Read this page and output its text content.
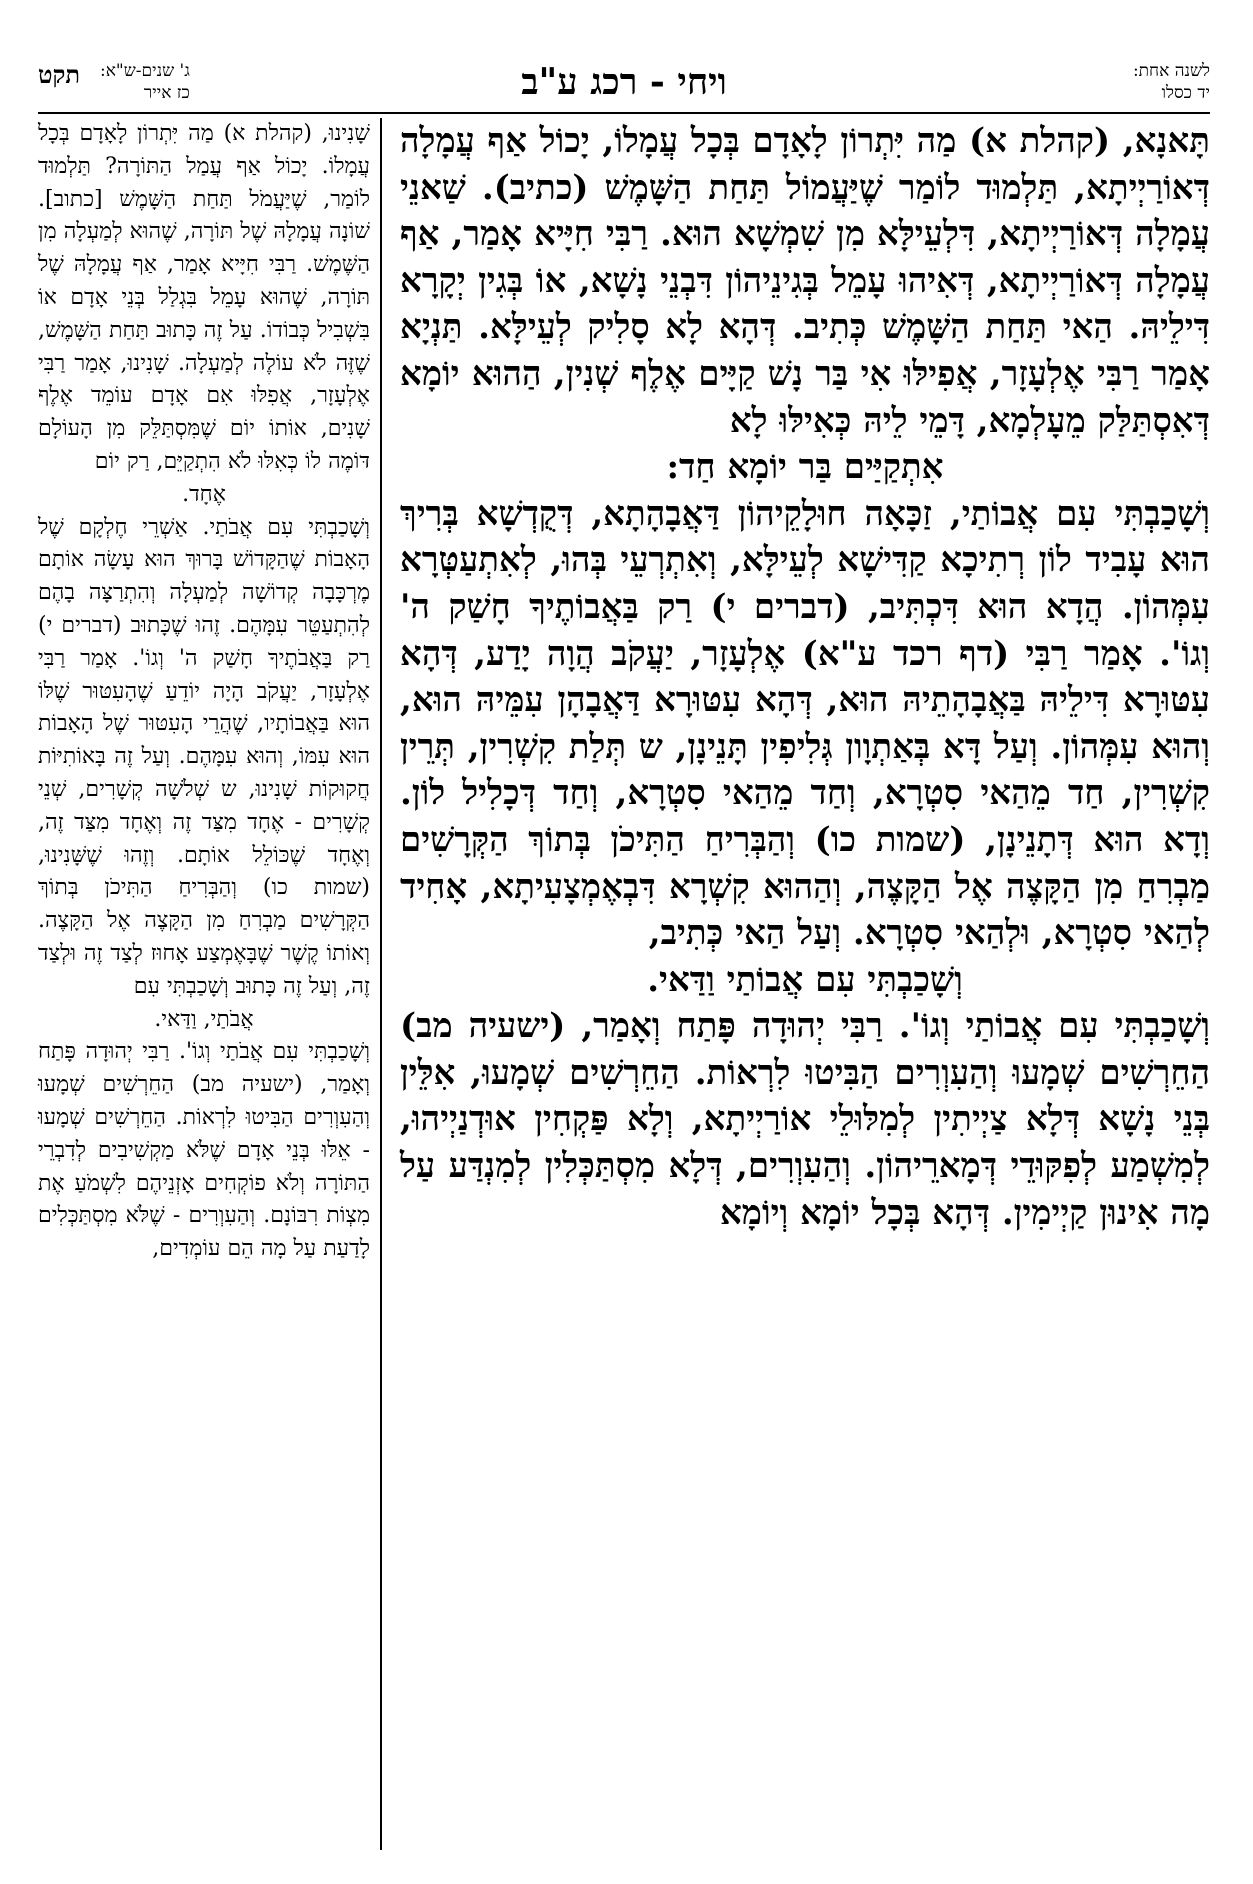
לשנה אחת:
יד כסלו
ויחי - רכג ע"ב
תקט ג' שנים-ש"א:
כז אייר

תָּאנָא, (קהלת א) מַה יִּתְרוֹן לָאָדָם בְּכָל עֲמָלוֹ, יָכוֹל אַף עֲמָלָה דְּאוֹרַיְיתָא, תַּלְמוּד לוֹמַר שֶׁיַּעֲמוֹל תַּחַת הַשָּׁמֶשׁ (כתיב). שַׁאנֵי עֲמָלָה דְּאוֹרַיְיתָא, דִּלְעֵילָּא מִן שִׁמְשָׁא הוּא. רַבִּי חִיָּיא אָמַר, אַף עֲמָלָה דְּאוֹרַיְיתָא, דְּאִיהוּ עָמֵל בְּגִינֵיהוֹן דִּבְנֵי נָשָׁא, אוֹ בְּגִין יְקָרָא דִּילֵיהּ. הַאי תַּחַת הַשָּׁמֶשׁ כְּתִיב. דְּהָא לָא סָלִיק לְעֵילָּא. תַּנְיָא אָמַר רַבִּי אֶלְעָזָר, אֲפִילּוּ אִי בַּר נָשׁ קַיָּים אֶלֶף שְׁנִין, הַהוּא יוֹמָא דְּאִסְתַּלַּק מֵעָלְמָא, דָּמֵי לֵיהּ כְּאִילּוּ לָא

אִתְקַיַּים בַּר יוֹמָא חַד:

וְשָׁכַבְתִּי עִם אֲבוֹתַי, זַכָּאָה חוּלָקֵיהוֹן דַּאֲבָהָתָא, דְּקֻדְשָׁא בְּרִיךְ הוּא עָבִיד לוֹן רְתִיכָא קַדִּישָׁא לְעֵילָּא, וְאִתְרְעֵי בְּהוּ, לְאִתְעַטְּרָא עִמְּהוֹן. הֲדָא הוּא דִּכְתִּיב, (דברים י) רַק בַּאֲבוֹתֶיךָ חָשַׁק ה' וְגוֹ'. אָמַר רַבִּי (דף רכד ע"א) אֶלְעָזָר, יַעֲקֹב הֲוָה יָדַע, דְּהָא עִטּוּרָא דִּילֵיהּ בַּאֲבָהָתֵיהּ הוּא, דְּהָא עִטּוּרָא דַּאֲבָהָן עִמֵּיהּ הוּא, וְהוּא עִמְּהוֹן. וְעַל דָּא בְּאַתְוָון גְּלִיפִין תָּנֵינָן, ש תְּלַת קִשְׁרִין, תְּרֵין קִשְׁרִין, חַד מֵהַאי סִטְרָא, וְחַד מֵהַאי סִטְרָא, וְחַד דְּכָלִיל לוֹן. וְדָא הוּא דְּתָנֵינָן, (שמות כו) וְהַבְּרִיחַ הַתִּיכֹן בְּתוֹךְ הַקְּרָשִׁים מַבְרִחַ מִן הַקָּצֶה אֶל הַקָּצֶה, וְהַהוּא קִשְׁרָא דִּבְאֶמְצָעִיתָא, אָחִיד לְהַאי סִטְרָא, וּלְהַאי סִטְרָא. וְעַל הַאי כְּתִיב,

וְשָׁכַבְתִּי עִם אֲבוֹתַי וַדַּאי.

וְשָׁכַבְתִּי עִם אֲבוֹתַי וְגוֹ'. רַבִּי יְהוּדָה פָּתַח וְאָמַר, (ישעיה מב) הַחֵרְשִׁים שְׁמָעוּ וְהַעִוְרִים הַבִּיטוּ לִרְאוֹת. הַחֵרְשִׁים שְׁמָעוּ, אִלֵּין בְּנֵי נָשָׁא דְּלָא צַיְיתִין לְמִלּוּלֵי אוֹרַיְיתָא, וְלָא פַּקְחִין אוּדְנַיְיהוּ, לְמִשְׁמַע לְפִקּוּדֵי דְּמָארֵיהוֹן. וְהַעִוְרִים, דְּלָא מִסְתַּכְּלִין לְמִנְדַּע עַל מָה אִינוּן קַיְימִין. דְּהָא בְּכָל יוֹמָא וְיוֹמָא

שָׁנִינוּ, (קהלת א) מַה יִּתְרוֹן לָאָדָם בְּכָל עֲמָלוֹ. יָכוֹל אַף עֲמַל הַתּוֹרָה? תַּלְמוּד לוֹמַר, שֶׁיַּעֲמֹל תַּחַת הַשָּׁמֶשׁ [כתוב]. שׁוֹנָה עֲמָלָהּ שֶׁל תּוֹרָה, שֶׁהוּא לְמַעְלָה מִן הַשֶּׁמֶשׁ. רַבִּי חִיָּיא אָמַר, אַף עֲמָלָהּ שֶׁל תּוֹרָה, שֶׁהוּא עָמֵל בִּגְלַל בְּנֵי אָדָם אוֹ בִּשְׁבִיל כְּבוֹדוֹ. עַל זֶה כָּתוּב תַּחַת הַשָּׁמֶשׁ, שֶׁזֶּה לֹא עוֹלֶה לְמַעְלָה. שָׁנִינוּ, אָמַר רַבִּי אֶלְעָזָר, אֲפִלּוּ אִם אָדָם עוֹמֵד אֶלֶף שָׁנִים, אוֹתוֹ יוֹם שֶׁמִּסְתַּלֵּק מִן הָעוֹלָם דּוֹמֶה לוֹ כְּאִלּוּ לֹא הִתְקַיֵּם, רַק יוֹם

אֶחָד.

וְשָׁכַבְתִּי עִם אֲבֹתַי. אַשְׁרֵי חֶלְקָם שֶׁל הָאָבוֹת שֶׁהַקָּדוֹשׁ בָּרוּךְ הוּא עָשָׂה אוֹתָם מֶרְכָּבָה קְדוֹשָׁה לְמַעְלָה וְהִתְרַצָּה בָהֶם לְהִתְעַטֵּר עִמָּהֶם. זֶהוּ שֶׁכָּתוּב (דברים י) רַק בַּאֲבֹתֶיךָ חָשַׁק ה' וְגוֹ'. אָמַר רַבִּי אֶלְעָזָר, יַעֲקֹב הָיָה יוֹדֵעַ שֶׁהָעִטּוּר שֶׁלּוֹ הוּא בַּאֲבוֹתָיו, שֶׁהֲרֵי הָעִטּוּר שֶׁל הָאָבוֹת הוּא עִמּוֹ, וְהוּא עִמָּהֶם. וְעַל זֶה בָּאוֹתִיּוֹת חֲקוּקוֹת שָׁנִינוּ, ש שְׁלֹשָׁה קְשָׁרִים, שְׁנֵי קְשָׁרִים - אֶחָד מִצַּד זֶה וְאֶחָד מִצַּד זֶה, וְאֶחָד שֶׁכּוֹלֵל אוֹתָם. וְזֶהוּ שֶׁשָּׁנִינוּ, (שמות כו) וְהַבְּרִיחַ הַתִּיכֹן בְּתוֹךְ הַקְּרָשִׁים מַבְרִחַ מִן הַקָּצֶה אֶל הַקָּצֶה. וְאוֹתוֹ קֶשֶׁר שֶׁבָּאֶמְצַע אָחוּז לְצַד זֶה וּלְצַד זֶה, וְעַל זֶה כָּתוּב וְשָׁכַבְתִּי עִם

אֲבֹתַי, וַדַּאי.

וְשָׁכַבְתִּי עִם אֲבֹתַי וְגוֹ'. רַבִּי יְהוּדָה פָּתַח וְאָמַר, (ישעיה מב) הַחֵרְשִׁים שְׁמָעוּ וְהַעִוְרִים הַבִּיטוּ לִרְאוֹת. הַחֵרְשִׁים שְׁמָעוּ - אֵלּוּ בְּנֵי אָדָם שֶׁלֹּא מַקְשִׁיבִים לְדִבְרֵי הַתּוֹרָה וְלֹא פוֹקְחִים אָזְנֵיהֶם לִשְׁמֹעַ אֶת מִצְוֹת רִבּוֹנָם. וְהַעִוְרִים - שֶׁלֹּא מִסְתַּכְּלִים לָדַעַת עַל מָה הֵם עוֹמְדִים,
